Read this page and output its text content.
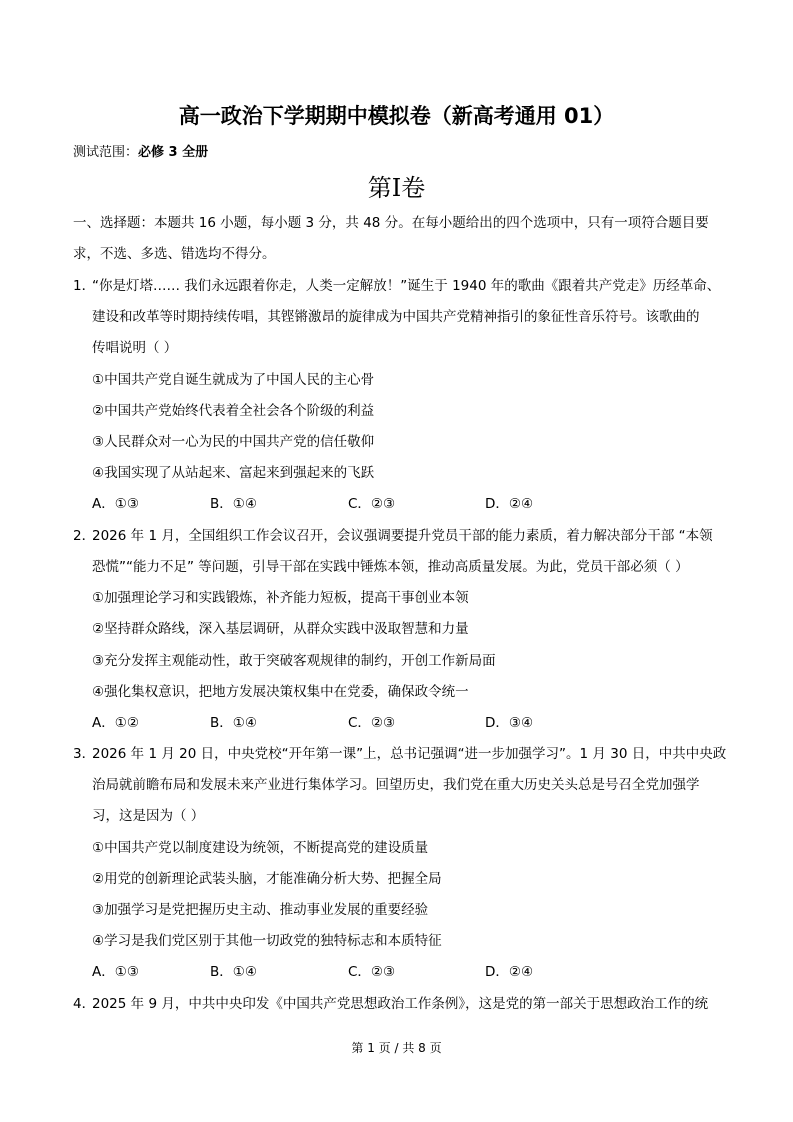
高一政治下学期期中模拟卷（新高考通用 01）
测试范围：必修 3 全册
第I卷
一、选择题：本题共 16 小题，每小题 3 分，共 48 分。在每小题给出的四个选项中，只有一项符合题目要
求，不选、多选、错选均不得分。
1．
“你是灯塔…… 我们永远跟着你走，人类一定解放！”诞生于 1940 年的歌曲《跟着共产党走》历经革命、
建设和改革等时期持续传唱，其铿锵激昂的旋律成为中国共产党精神指引的象征性音乐符号。该歌曲的
传唱说明（ ）
①中国共产党自诞生就成为了中国人民的主心骨
②中国共产党始终代表着全社会各个阶级的利益
③人民群众对一心为民的中国共产党的信任敬仰
④我国实现了从站起来、富起来到强起来的飞跃
A．①③	B．①④	C．②③	D．②④
2．
2026 年 1 月，全国组织工作会议召开，会议强调要提升党员干部的能力素质，着力解决部分干部 “本领
恐慌”“能力不足” 等问题，引导干部在实践中锤炼本领，推动高质量发展。为此，党员干部必须（ ）
①加强理论学习和实践锻炼，补齐能力短板，提高干事创业本领
②坚持群众路线，深入基层调研，从群众实践中汲取智慧和力量
③充分发挥主观能动性，敢于突破客观规律的制约，开创工作新局面
④强化集权意识，把地方发展决策权集中在党委，确保政令统一
A．①②	B．①④	C．②③	D．③④
3．
2026 年 1 月 20 日，中央党校“开年第一课”上，总书记强调“进一步加强学习”。1 月 30 日，中共中央政
治局就前瞻布局和发展未来产业进行集体学习。回望历史，我们党在重大历史关头总是号召全党加强学
习，这是因为（ ）
①中国共产党以制度建设为统领，不断提高党的建设质量
②用党的创新理论武装头脑，才能准确分析大势、把握全局
③加强学习是党把握历史主动、推动事业发展的重要经验
④学习是我们党区别于其他一切政党的独特标志和本质特征
A．①③	B．①④	C．②③	D．②④
4．
2025 年 9 月，中共中央印发《中国共产党思想政治工作条例》，这是党的第一部关于思想政治工作的统
第 1 页 / 共 8 页
